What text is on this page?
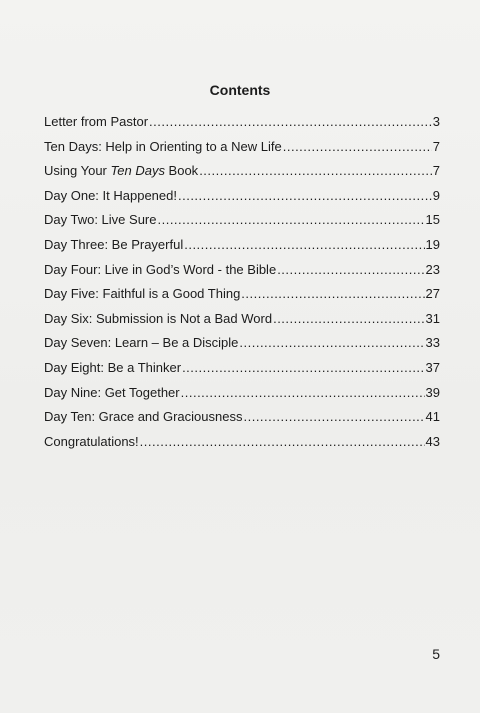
Contents
Letter from Pastor .....	3
Ten Days: Help in Orienting to a New Life .....	7
Using Your Ten Days Book .....	7
Day One: It Happened! .....	9
Day Two: Live Sure .....	15
Day Three: Be Prayerful .....	19
Day Four: Live in God’s Word - the Bible .....	23
Day Five: Faithful is a Good Thing .....	27
Day Six: Submission is Not a Bad Word .....	31
Day Seven: Learn – Be a Disciple .....	33
Day Eight: Be a Thinker .....	37
Day Nine: Get Together .....	39
Day Ten: Grace and Graciousness .....	41
Congratulations! .....	43
5
